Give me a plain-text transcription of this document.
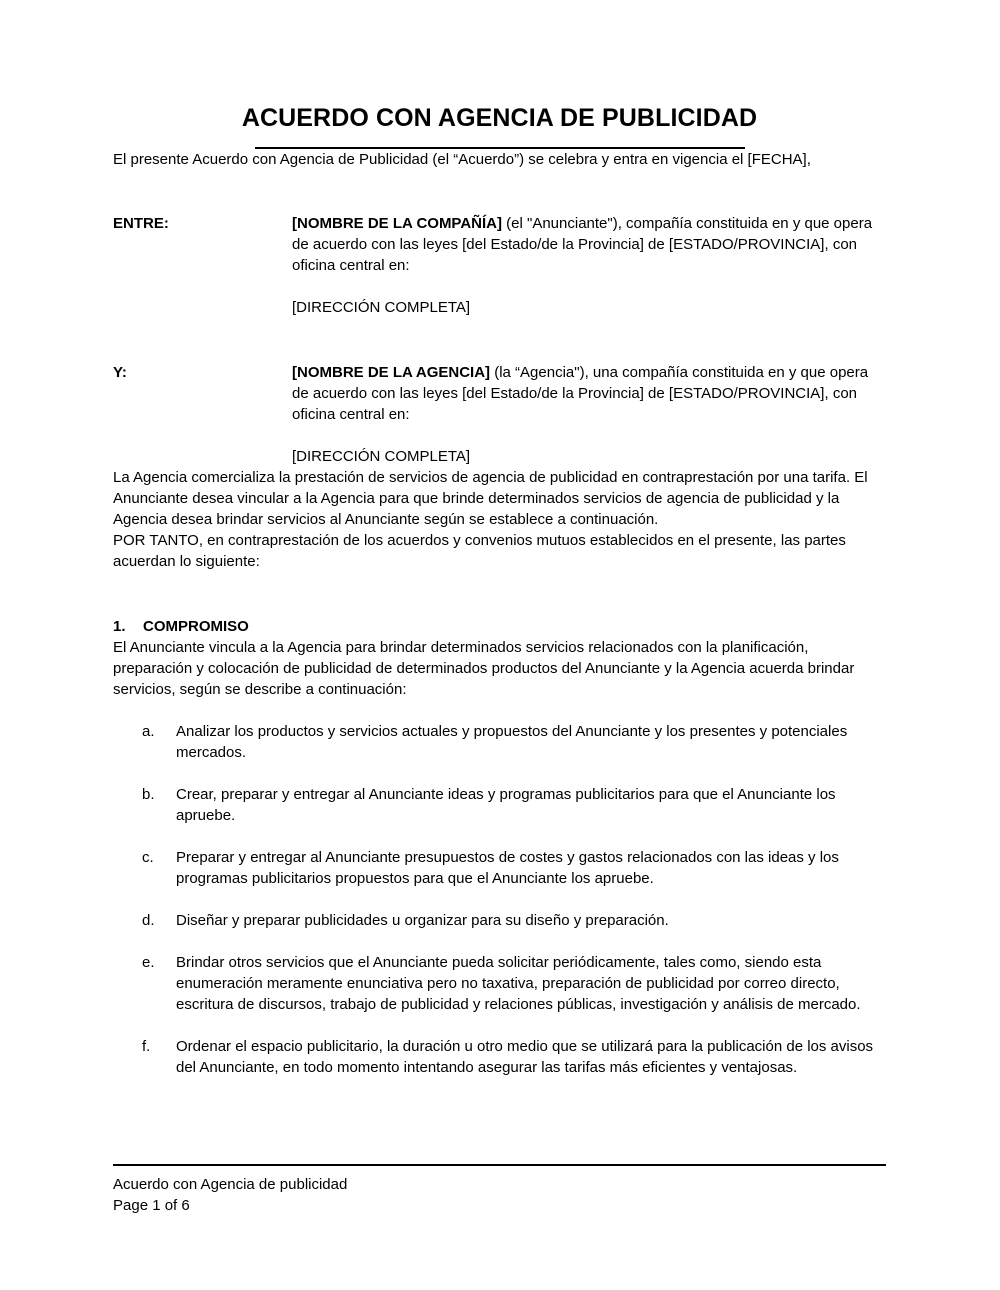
ACUERDO CON AGENCIA DE PUBLICIDAD

El presente Acuerdo con Agencia de Publicidad (el “Acuerdo”) se celebra y entra en vigencia el [FECHA],

ENTRE:	[NOMBRE DE LA COMPAÑÍA] (el "Anunciante"), compañía constituida en y que opera de acuerdo con las leyes [del Estado/de la Provincia] de [ESTADO/PROVINCIA], con oficina central en:
[DIRECCIÓN COMPLETA]
Y:	[NOMBRE DE LA AGENCIA] (la “Agencia"), una compañía constituida en y que opera de acuerdo con las leyes [del Estado/de la Provincia] de [ESTADO/PROVINCIA], con oficina central en:
[DIRECCIÓN COMPLETA]

La Agencia comercializa la prestación de servicios de agencia de publicidad en contraprestación por una tarifa. El Anunciante desea vincular a la Agencia para que brinde determinados servicios de agencia de publicidad y la Agencia desea brindar servicios al Anunciante según se establece a continuación.

POR TANTO, en contraprestación de los acuerdos y convenios mutuos establecidos en el presente, las partes acuerdan lo siguiente:

1.	COMPROMISO

El Anunciante vincula a la Agencia para brindar determinados servicios relacionados con la planificación, preparación y colocación de publicidad de determinados productos del Anunciante y la Agencia acuerda brindar servicios, según se describe a continuación:

a.	Analizar los productos y servicios actuales y propuestos del Anunciante y los presentes y potenciales mercados.
b.	Crear, preparar y entregar al Anunciante ideas y programas publicitarios para que el Anunciante los apruebe.
c.	Preparar y entregar al Anunciante presupuestos de costes y gastos relacionados con las ideas y los programas publicitarios propuestos para que el Anunciante los apruebe.
d.	Diseñar y preparar publicidades u organizar para su diseño y preparación.
e.	Brindar otros servicios que el Anunciante pueda solicitar periódicamente, tales como, siendo esta enumeración meramente enunciativa pero no taxativa, preparación de publicidad por correo directo, escritura de discursos, trabajo de publicidad y relaciones públicas, investigación y análisis de mercado.
f.	Ordenar el espacio publicitario, la duración u otro medio que se utilizará para la publicación de los avisos del Anunciante, en todo momento intentando asegurar las tarifas más eficientes y ventajosas.
Acuerdo con Agencia de publicidad
Page 1 of 6
